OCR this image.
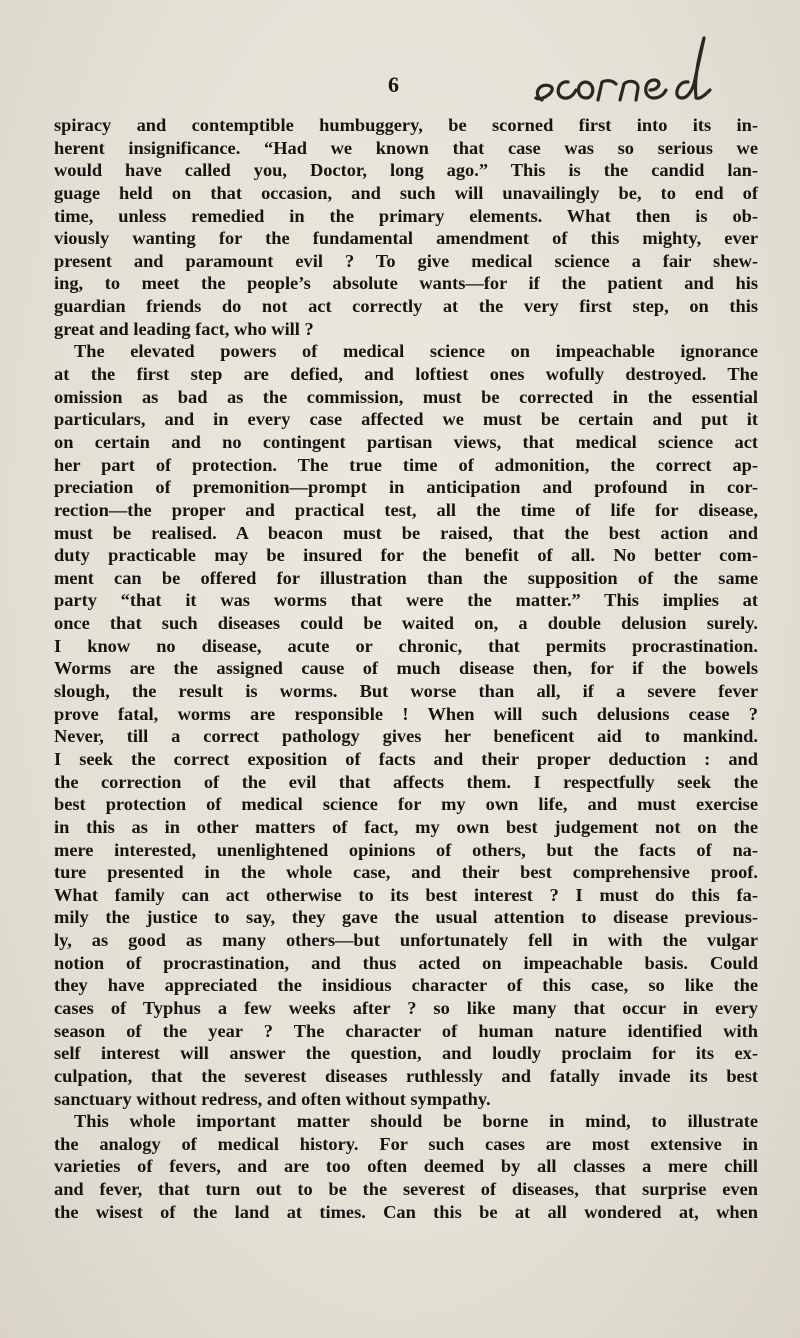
6
spiracy and contemptible humbuggery, be scorned first into its in-
herent insignificance. “Had we known that case was so serious we
would have called you, Doctor, long ago.” This is the candid lan-
guage held on that occasion, and such will unavailingly be, to end of
time, unless remedied in the primary elements. What then is ob-
viously wanting for the fundamental amendment of this mighty, ever
present and paramount evil ? To give medical science a fair shew-
ing, to meet the people’s absolute wants—for if the patient and his
guardian friends do not act correctly at the very first step, on this
great and leading fact, who will ?
The elevated powers of medical science on impeachable ignorance
at the first step are defied, and loftiest ones wofully destroyed. The
omission as bad as the commission, must be corrected in the essential
particulars, and in every case affected we must be certain and put it
on certain and no contingent partisan views, that medical science act
her part of protection. The true time of admonition, the correct ap-
preciation of premonition—prompt in anticipation and profound in cor-
rection—the proper and practical test, all the time of life for disease,
must be realised. A beacon must be raised, that the best action and
duty practicable may be insured for the benefit of all. No better com-
ment can be offered for illustration than the supposition of the same
party “that it was worms that were the matter.” This implies at
once that such diseases could be waited on, a double delusion surely.
I know no disease, acute or chronic, that permits procrastination.
Worms are the assigned cause of much disease then, for if the bowels
slough, the result is worms. But worse than all, if a severe fever
prove fatal, worms are responsible ! When will such delusions cease ?
Never, till a correct pathology gives her beneficent aid to mankind.
I seek the correct exposition of facts and their proper deduction : and
the correction of the evil that affects them. I respectfully seek the
best protection of medical science for my own life, and must exercise
in this as in other matters of fact, my own best judgement not on the
mere interested, unenlightened opinions of others, but the facts of na-
ture presented in the whole case, and their best comprehensive proof.
What family can act otherwise to its best interest ? I must do this fa-
mily the justice to say, they gave the usual attention to disease previous-
ly, as good as many others—but unfortunately fell in with the vulgar
notion of procrastination, and thus acted on impeachable basis. Could
they have appreciated the insidious character of this case, so like the
cases of Typhus a few weeks after ? so like many that occur in every
season of the year ? The character of human nature identified with
self interest will answer the question, and loudly proclaim for its ex-
culpation, that the severest diseases ruthlessly and fatally invade its best
sanctuary without redress, and often without sympathy.
This whole important matter should be borne in mind, to illustrate
the analogy of medical history. For such cases are most extensive in
varieties of fevers, and are too often deemed by all classes a mere chill
and fever, that turn out to be the severest of diseases, that surprise even
the wisest of the land at times. Can this be at all wondered at, when
